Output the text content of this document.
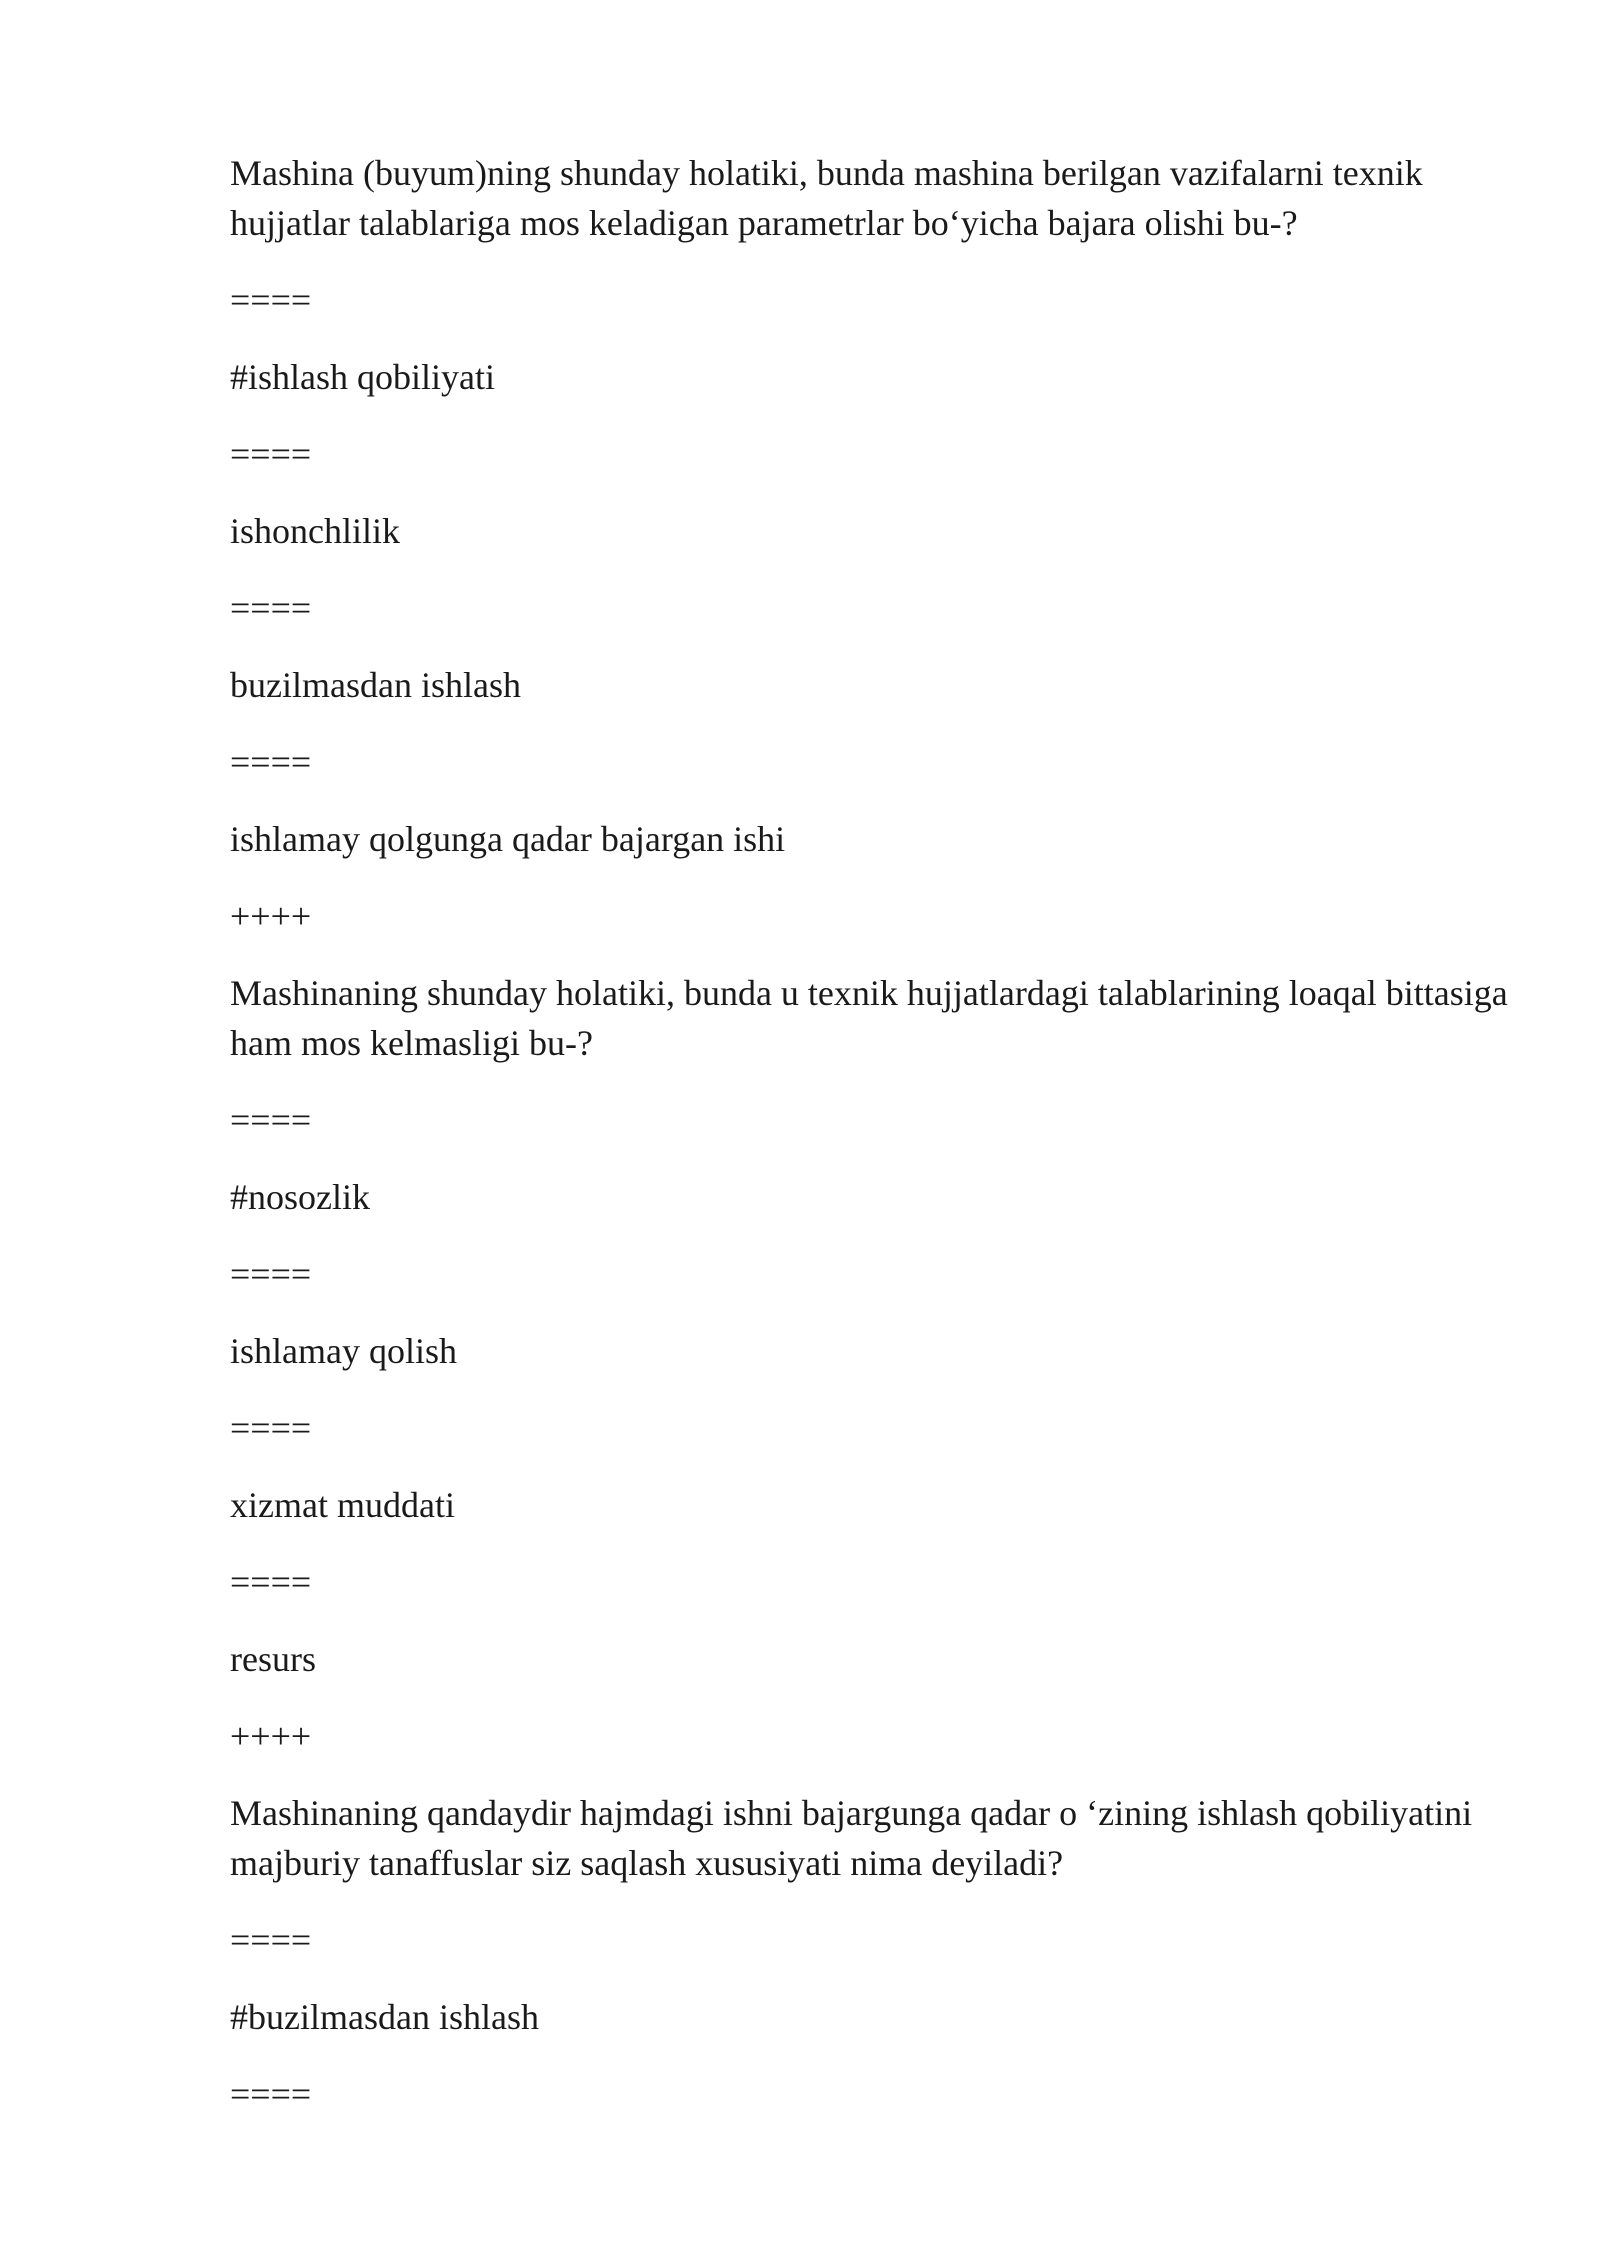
Mashina (buyum)ning shunday holatiki, bunda mashina berilgan vazifalarni texnik hujjatlar talablariga mos keladigan parametrlar bo‘yicha bajara olishi bu-?

====

#ishlash qobiliyati

====

ishonchlilik

====

buzilmasdan ishlash

====

ishlamay qolgunga qadar bajargan ishi

++++

Mashinaning shunday holatiki, bunda u texnik hujjatlardagi talablarining loaqal bittasiga ham mos kelmasligi bu-?

====

#nosozlik

====

ishlamay qolish

====

xizmat muddati

====

resurs

++++

Mashinaning qandaydir hajmdagi ishni bajargunga qadar o ‘zining ishlash qobiliyatini majburiy tanaffuslar siz saqlash xususiyati nima deyiladi?

====

#buzilmasdan ishlash

====
